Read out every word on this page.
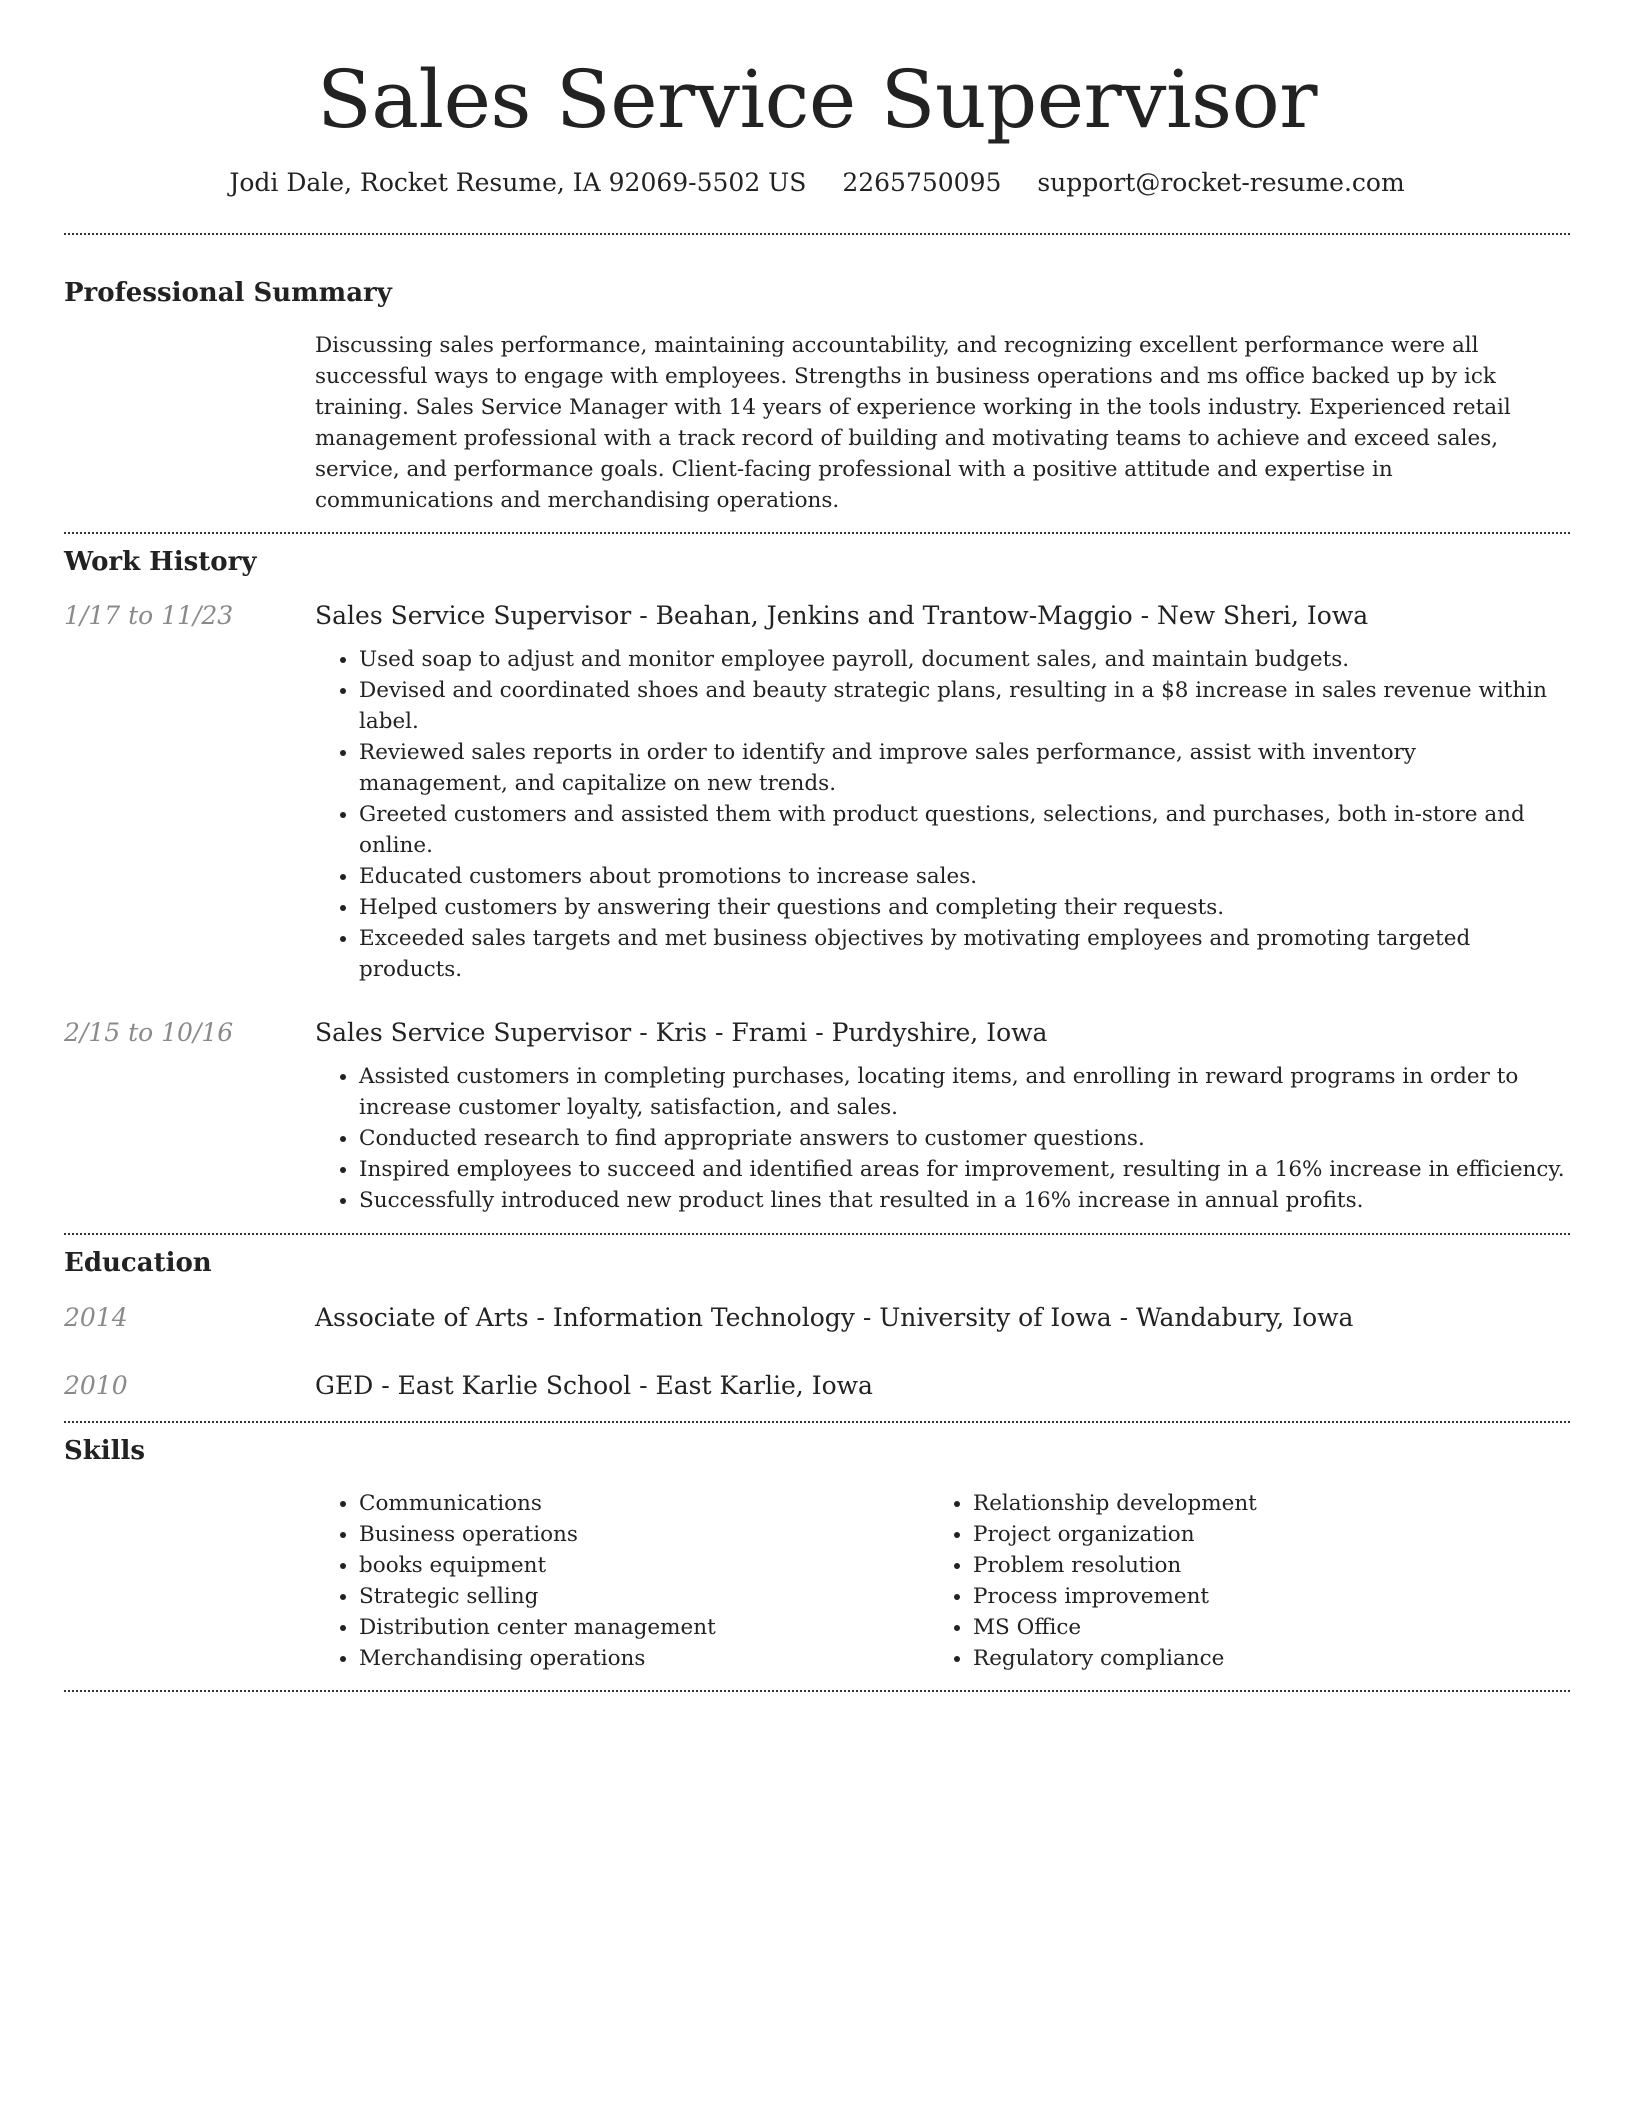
Sales Service Supervisor
Jodi Dale, Rocket Resume, IA 92069-5502 US 2265750095 support@rocket-resume.com
Professional Summary

Discussing sales performance, maintaining accountability, and recognizing excellent performance were all successful ways to engage with employees. Strengths in business operations and ms office backed up by ick training. Sales Service Manager with 14 years of experience working in the tools industry. Experienced retail management professional with a track record of building and motivating teams to achieve and exceed sales, service, and performance goals. Client-facing professional with a positive attitude and expertise in communications and merchandising operations.

Work History
1/17 to 11/23	Sales Service Supervisor - Beahan, Jenkins and Trantow-Maggio - New Sheri, Iowa

• Used soap to adjust and monitor employee payroll, document sales, and maintain budgets.
• Devised and coordinated shoes and beauty strategic plans, resulting in a $8 increase in sales revenue within label.
• Reviewed sales reports in order to identify and improve sales performance, assist with inventory management, and capitalize on new trends.
• Greeted customers and assisted them with product questions, selections, and purchases, both in-store and online.
• Educated customers about promotions to increase sales.
• Helped customers by answering their questions and completing their requests.
• Exceeded sales targets and met business objectives by motivating employees and promoting targeted products.
2/15 to 10/16	Sales Service Supervisor - Kris - Frami - Purdyshire, Iowa

• Assisted customers in completing purchases, locating items, and enrolling in reward programs in order to increase customer loyalty, satisfaction, and sales.
• Conducted research to find appropriate answers to customer questions.
• Inspired employees to succeed and identified areas for improvement, resulting in a 16% increase in efficiency.
• Successfully introduced new product lines that resulted in a 16% increase in annual profits.
Education
2014	Associate of Arts - Information Technology - University of Iowa - Wandabury, Iowa

2010	GED - East Karlie School - East Karlie, Iowa

Skills
• Communications
• Business operations
• books equipment
• Strategic selling
• Distribution center management
• Merchandising operations
• Relationship development
• Project organization
• Problem resolution
• Process improvement
• MS Office
• Regulatory compliance
